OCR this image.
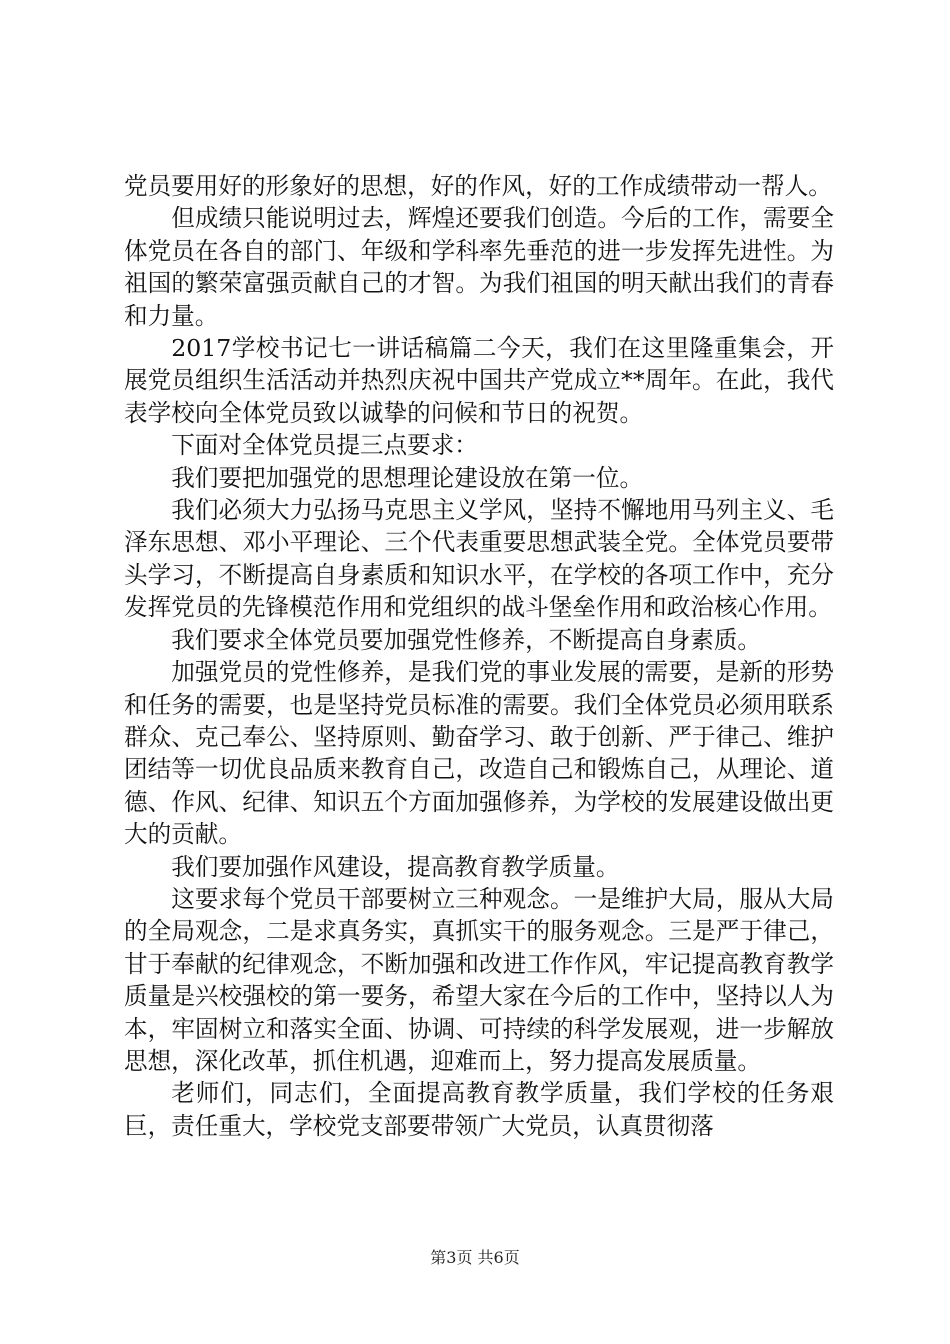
党员要用好的形象好的思想，好的作风，好的工作成绩带动一帮人。

但成绩只能说明过去，辉煌还要我们创造。今后的工作，需要全体党员在各自的部门、年级和学科率先垂范的进一步发挥先进性。为祖国的繁荣富强贡献自己的才智。为我们祖国的明天献出我们的青春和力量。

2017学校书记七一讲话稿篇二今天，我们在这里隆重集会，开展党员组织生活活动并热烈庆祝中国共产党成立**周年。在此，我代表学校向全体党员致以诚挚的问候和节日的祝贺。

下面对全体党员提三点要求：

我们要把加强党的思想理论建设放在第一位。

我们必须大力弘扬马克思主义学风，坚持不懈地用马列主义、毛泽东思想、邓小平理论、三个代表重要思想武装全党。全体党员要带头学习，不断提高自身素质和知识水平，在学校的各项工作中，充分发挥党员的先锋模范作用和党组织的战斗堡垒作用和政治核心作用。

我们要求全体党员要加强党性修养，不断提高自身素质。

加强党员的党性修养，是我们党的事业发展的需要，是新的形势和任务的需要，也是坚持党员标准的需要。我们全体党员必须用联系群众、克己奉公、坚持原则、勤奋学习、敢于创新、严于律己、维护团结等一切优良品质来教育自己，改造自己和锻炼自己，从理论、道德、作风、纪律、知识五个方面加强修养，为学校的发展建设做出更大的贡献。

我们要加强作风建设，提高教育教学质量。

这要求每个党员干部要树立三种观念。一是维护大局，服从大局的全局观念，二是求真务实，真抓实干的服务观念。三是严于律己，甘于奉献的纪律观念，不断加强和改进工作作风，牢记提高教育教学质量是兴校强校的第一要务，希望大家在今后的工作中，坚持以人为本，牢固树立和落实全面、协调、可持续的科学发展观，进一步解放思想，深化改革，抓住机遇，迎难而上，努力提高发展质量。

老师们，同志们，全面提高教育教学质量，我们学校的任务艰巨，责任重大，学校党支部要带领广大党员，认真贯彻落

第3页 共6页
